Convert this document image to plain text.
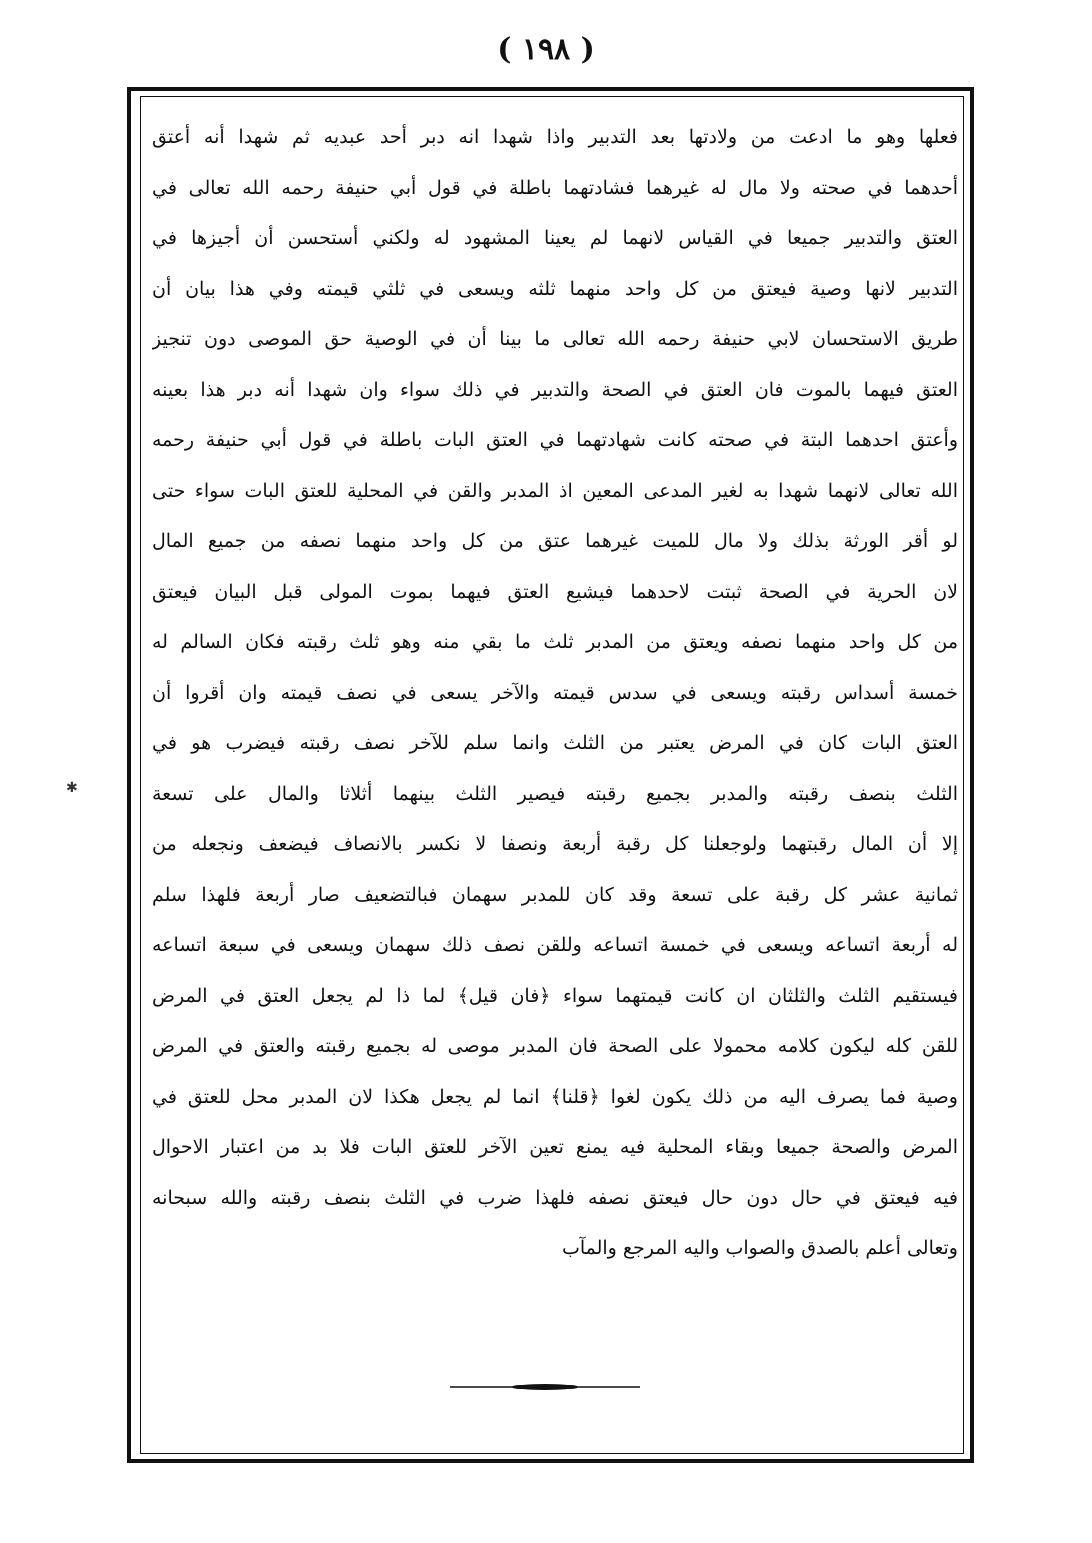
( ١٩٨ )
فعلها وهو ما ادعت من ولادتها بعد التدبير واذا شهدا انه دبر أحد عبديه ثم شهدا أنه أعتق
أحدهما في صحته ولا مال له غيرهما فشادتهما باطلة في قول أبي حنيفة رحمه الله تعالى في
العتق والتدبير جميعا في القياس لانهما لم يعينا المشهود له ولكني أستحسن أن أجيزها في
التدبير لانها وصية فيعتق من كل واحد منهما ثلثه ويسعى في ثلثي قيمته وفي هذا بيان أن
طريق الاستحسان لابي حنيفة رحمه الله تعالى ما بينا أن في الوصية حق الموصى دون تنجيز
العتق فيهما بالموت فان العتق في الصحة والتدبير في ذلك سواء وان شهدا أنه دبر هذا بعينه
وأعتق احدهما البتة في صحته كانت شهادتهما في العتق البات باطلة في قول أبي حنيفة رحمه
الله تعالى لانهما شهدا به لغير المدعى المعين اذ المدبر والقن في المحلية للعتق البات سواء حتى
لو أقر الورثة بذلك ولا مال للميت غيرهما عتق من كل واحد منهما نصفه من جميع المال
لان الحرية في الصحة ثبتت لاحدهما فيشيع العتق فيهما بموت المولى قبل البيان فيعتق
من كل واحد منهما نصفه ويعتق من المدبر ثلث ما بقي منه وهو ثلث رقبته فكان السالم له
خمسة أسداس رقبته ويسعى في سدس قيمته والآخر يسعى في نصف قيمته وان أقروا أن
العتق البات كان في المرض يعتبر من الثلث وانما سلم للآخر نصف رقبته فيضرب هو في
الثلث بنصف رقبته والمدبر بجميع رقبته فيصير الثلث بينهما أثلاثا والمال على تسعة
إلا أن المال رقبتهما ولوجعلنا كل رقبة أربعة ونصفا لا نكسر بالانصاف فيضعف ونجعله من
ثمانية عشر كل رقبة على تسعة وقد كان للمدبر سهمان فبالتضعيف صار أربعة فلهذا سلم
له أربعة اتساعه ويسعى في خمسة اتساعه وللقن نصف ذلك سهمان ويسعى في سبعة اتساعه
فيستقيم الثلث والثلثان ان كانت قيمتهما سواء ﴿فان قيل﴾ لما ذا لم يجعل العتق في المرض
للقن كله ليكون كلامه محمولا على الصحة فان المدبر موصى له بجميع رقبته والعتق في المرض
وصية فما يصرف اليه من ذلك يكون لغوا ﴿قلنا﴾ انما لم يجعل هكذا لان المدبر محل للعتق في
المرض والصحة جميعا وبقاء المحلية فيه يمنع تعين الآخر للعتق البات فلا بد من اعتبار الاحوال
فيه فيعتق في حال دون حال فيعتق نصفه فلهذا ضرب في الثلث بنصف رقبته والله سبحانه
وتعالى أعلم بالصدق والصواب واليه المرجع والمآب
✱
